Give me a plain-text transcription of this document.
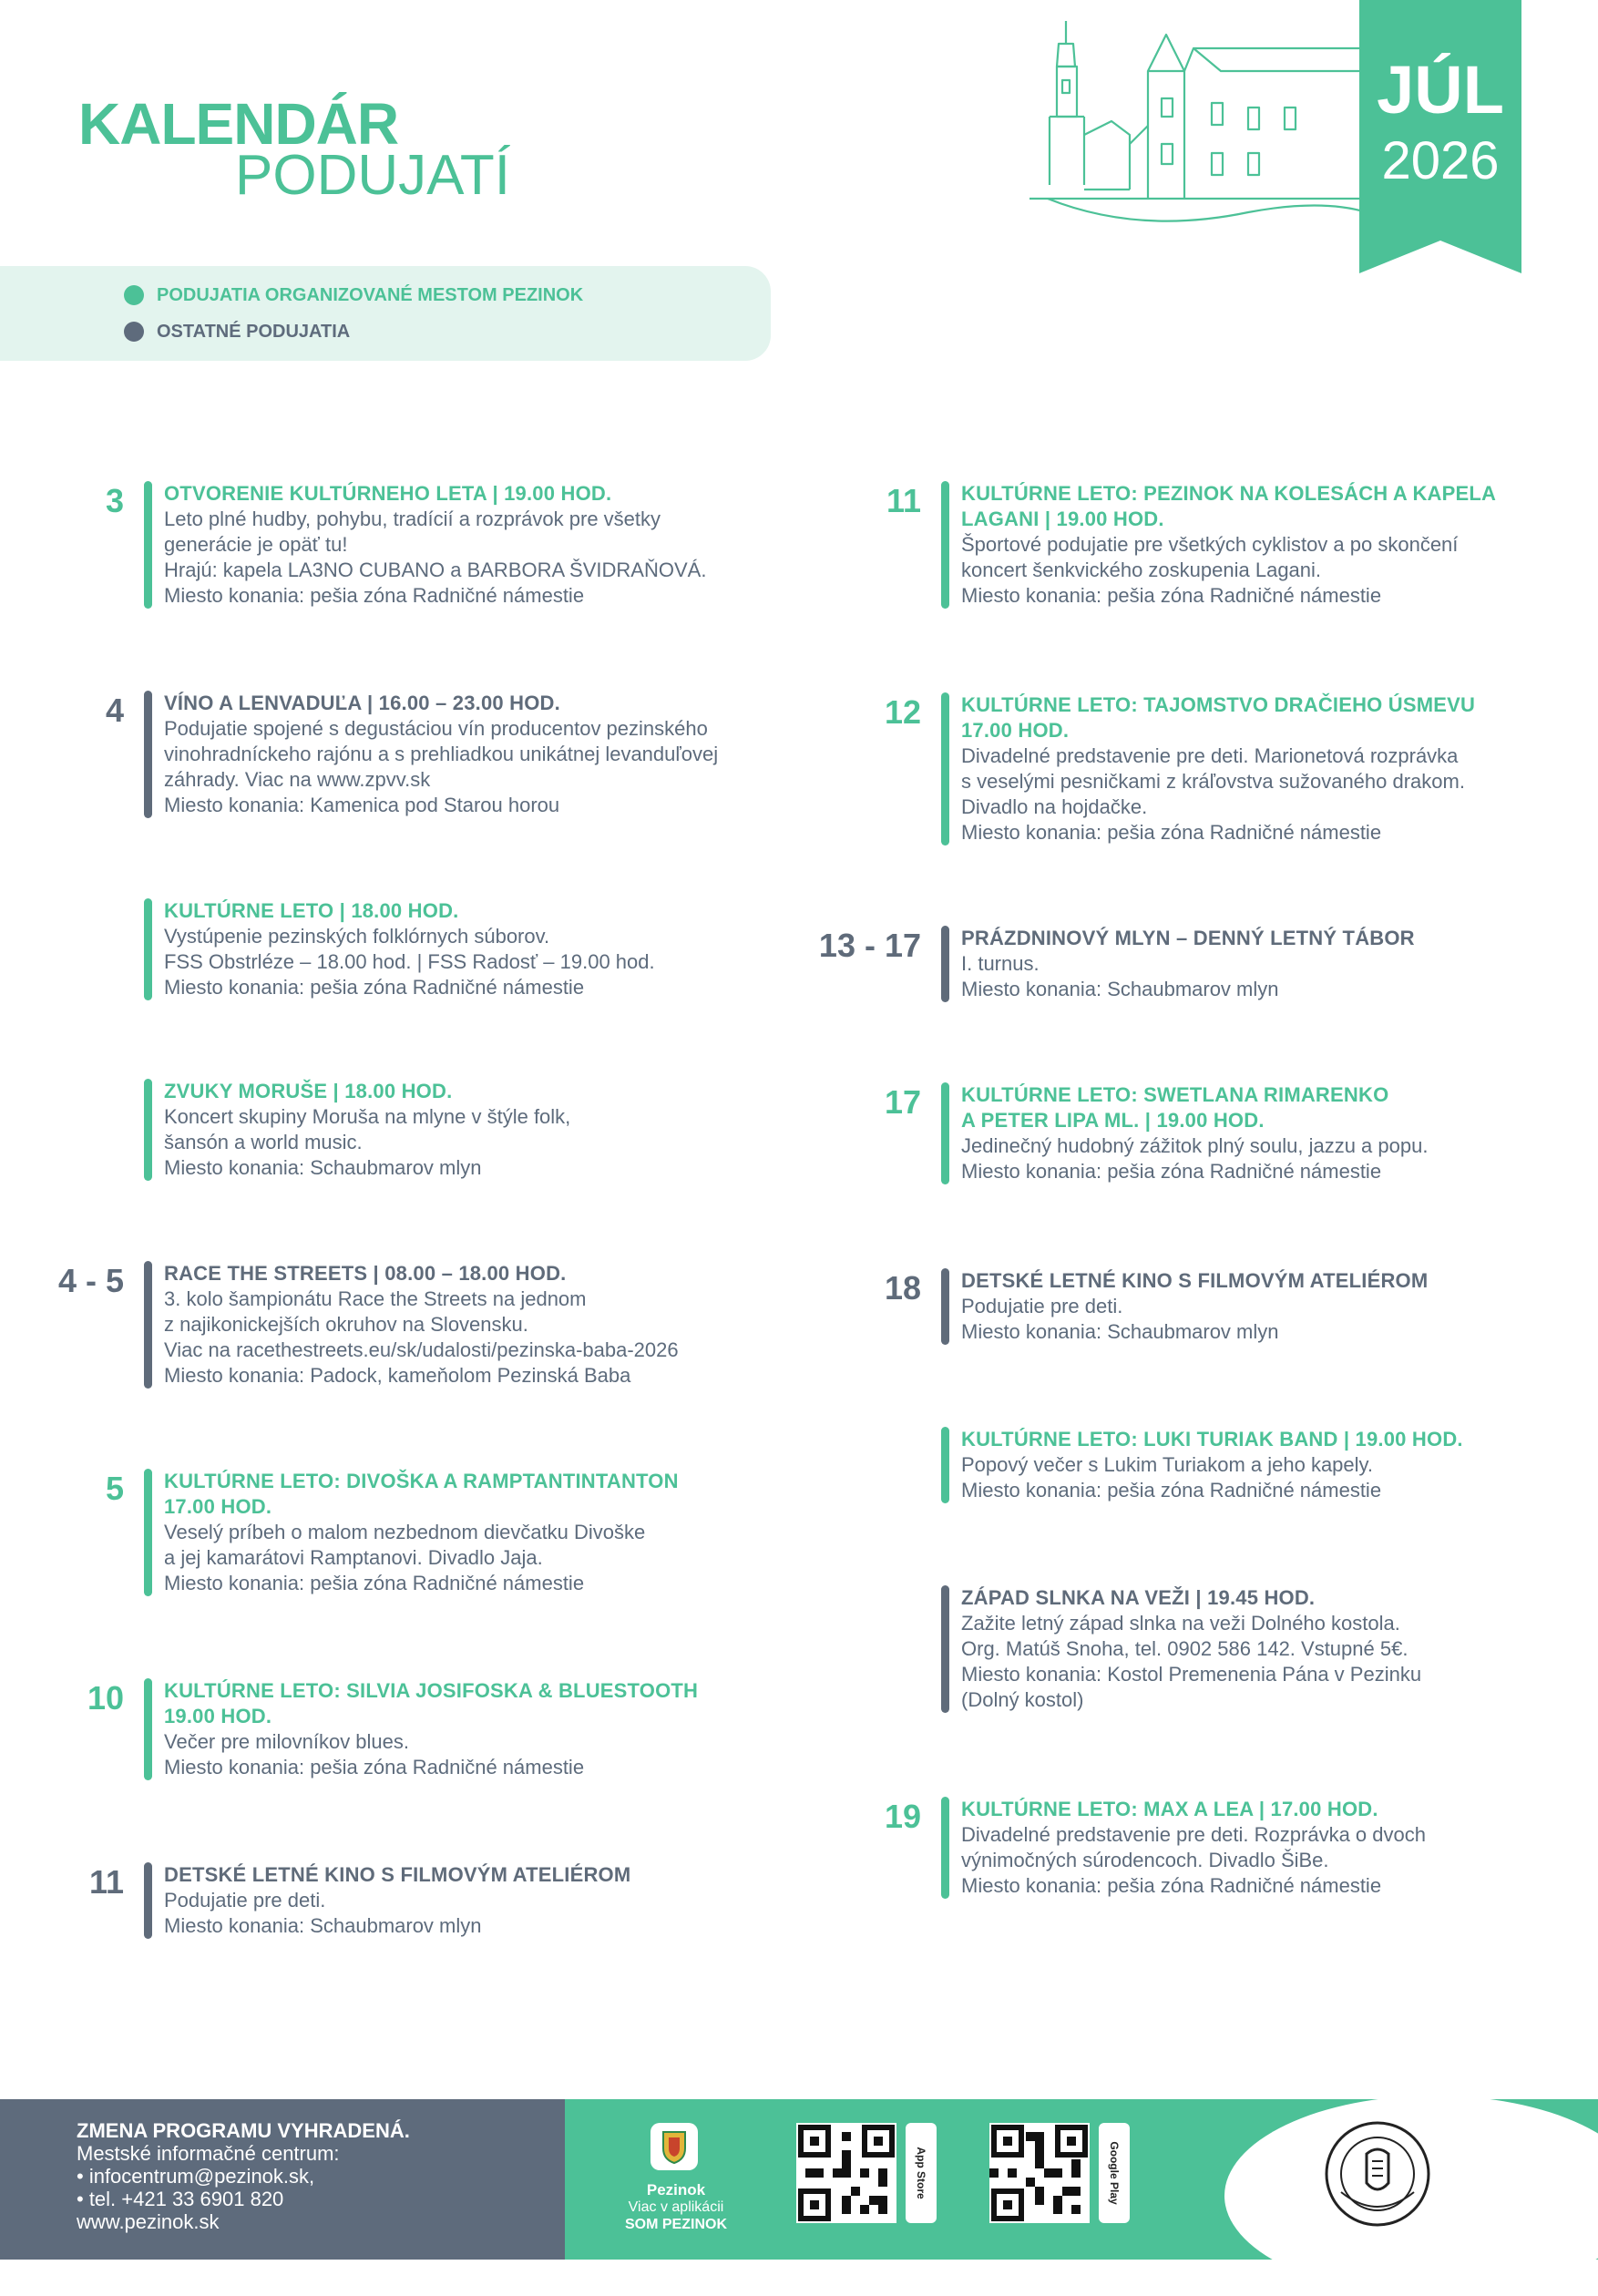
KALENDÁR
PODUJATÍ
JÚL
2026
PODUJATIA ORGANIZOVANÉ MESTOM PEZINOK
OSTATNÉ PODUJATIA
3 OTVORENIE KULTÚRNEHO LETA | 19.00 HOD.
Leto plné hudby, pohybu, tradícií a rozprávok pre všetky
generácie je opäť tu!
Hrajú: kapela LA3NO CUBANO a BARBORA ŠVIDRAŇOVÁ.
Miesto konania: pešia zóna Radničné námestie
4 VÍNO A LENVADUĽA | 16.00 – 23.00 HOD.
Podujatie spojené s degustáciou vín producentov pezinského
vinohradníckeho rajónu a s prehliadkou unikátnej levanduľovej
záhrady. Viac na www.zpvv.sk
Miesto konania: Kamenica pod Starou horou
KULTÚRNE LETO | 18.00 HOD.
Vystúpenie pezinských folklórnych súborov.
FSS Obstrléze – 18.00 hod. | FSS Radosť – 19.00 hod.
Miesto konania: pešia zóna Radničné námestie
ZVUKY MORUŠE | 18.00 HOD.
Koncert skupiny Moruša na mlyne v štýle folk,
šansón a world music.
Miesto konania: Schaubmarov mlyn
4 - 5 RACE THE STREETS | 08.00 – 18.00 HOD.
3. kolo šampionátu Race the Streets na jednom
z najikonickejších okruhov na Slovensku.
Viac na racethestreets.eu/sk/udalosti/pezinska-baba-2026
Miesto konania: Padock, kameňolom Pezinská Baba
5 KULTÚRNE LETO: DIVOŠKA A RAMPTANTINTANTON
17.00 HOD.
Veselý príbeh o malom nezbednom dievčatku Divoške
a jej kamarátovi Ramptanovi. Divadlo Jaja.
Miesto konania: pešia zóna Radničné námestie
10 KULTÚRNE LETO: SILVIA JOSIFOSKA & BLUESTOOTH
19.00 HOD.
Večer pre milovníkov blues.
Miesto konania: pešia zóna Radničné námestie
11 DETSKÉ LETNÉ KINO S FILMOVÝM ATELIÉROM
Podujatie pre deti.
Miesto konania: Schaubmarov mlyn
11 KULTÚRNE LETO: PEZINOK NA KOLESÁCH A KAPELA
LAGANI | 19.00 HOD.
Športové podujatie pre všetkých cyklistov a po skončení
koncert šenkvického zoskupenia Lagani.
Miesto konania: pešia zóna Radničné námestie
12 KULTÚRNE LETO: TAJOMSTVO DRAČIEHO ÚSMEVU
17.00 HOD.
Divadelné predstavenie pre deti. Marionetová rozprávka
s veselými pesničkami z kráľovstva sužovaného drakom.
Divadlo na hojdačke.
Miesto konania: pešia zóna Radničné námestie
13 - 17 PRÁZDNINOVÝ MLYN – DENNÝ LETNÝ TÁBOR
I. turnus.
Miesto konania: Schaubmarov mlyn
17 KULTÚRNE LETO: SWETLANA RIMARENKO
A PETER LIPA ML. | 19.00 HOD.
Jedinečný hudobný zážitok plný soulu, jazzu a popu.
Miesto konania: pešia zóna Radničné námestie
18 DETSKÉ LETNÉ KINO S FILMOVÝM ATELIÉROM
Podujatie pre deti.
Miesto konania: Schaubmarov mlyn
KULTÚRNE LETO: LUKI TURIAK BAND | 19.00 HOD.
Popový večer s Lukim Turiakom a jeho kapely.
Miesto konania: pešia zóna Radničné námestie
ZÁPAD SLNKA NA VEŽI | 19.45 HOD.
Zažite letný západ slnka na veži Dolného kostola.
Org. Matúš Snoha, tel. 0902 586 142. Vstupné 5€.
Miesto konania: Kostol Premenenia Pána v Pezinku
(Dolný kostol)
19 KULTÚRNE LETO: MAX A LEA | 17.00 HOD.
Divadelné predstavenie pre deti. Rozprávka o dvoch
výnimočných súrodencoch. Divadlo ŠiBe.
Miesto konania: pešia zóna Radničné námestie
ZMENA PROGRAMU VYHRADENÁ.
Mestské informačné centrum:
• infocentrum@pezinok.sk,
• tel. +421 33 6901 820
www.pezinok.sk
Pezinok
Viac v aplikácii
SOM PEZINOK
App Store	Google Play
